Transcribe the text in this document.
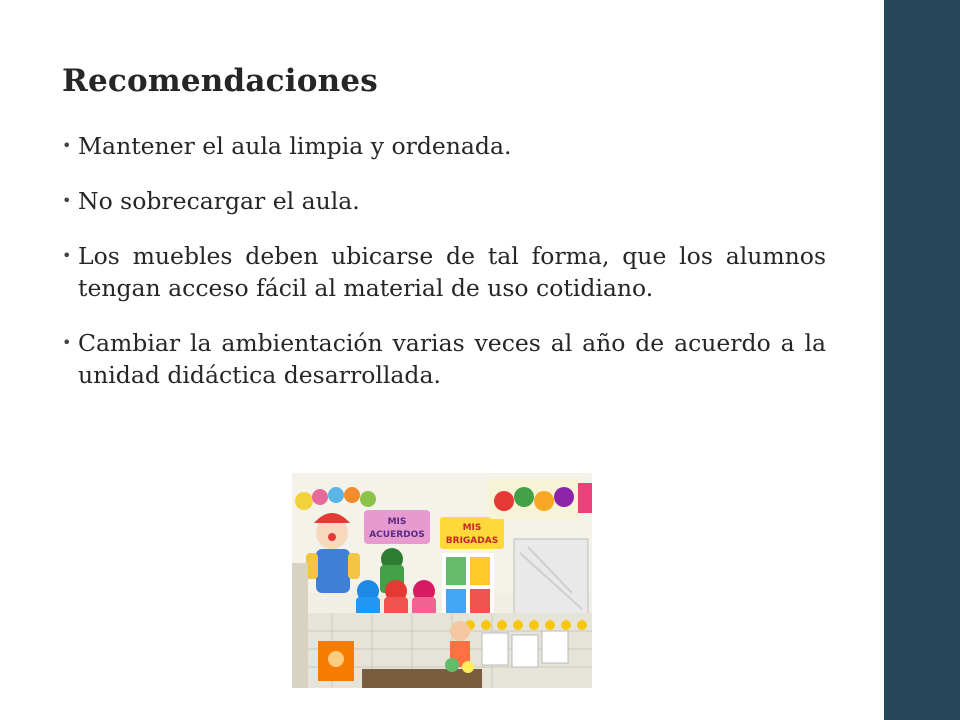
Recomendaciones
• Mantener el aula limpia y ordenada.
• No sobrecargar el aula.
• Los muebles deben ubicarse de tal forma, que los alumnos tengan acceso fácil al material de uso cotidiano.
• Cambiar la ambientación varias veces al año de acuerdo a la unidad didáctica desarrollada.
MIS
ACUERDOS
MIS
BRIGADAS
